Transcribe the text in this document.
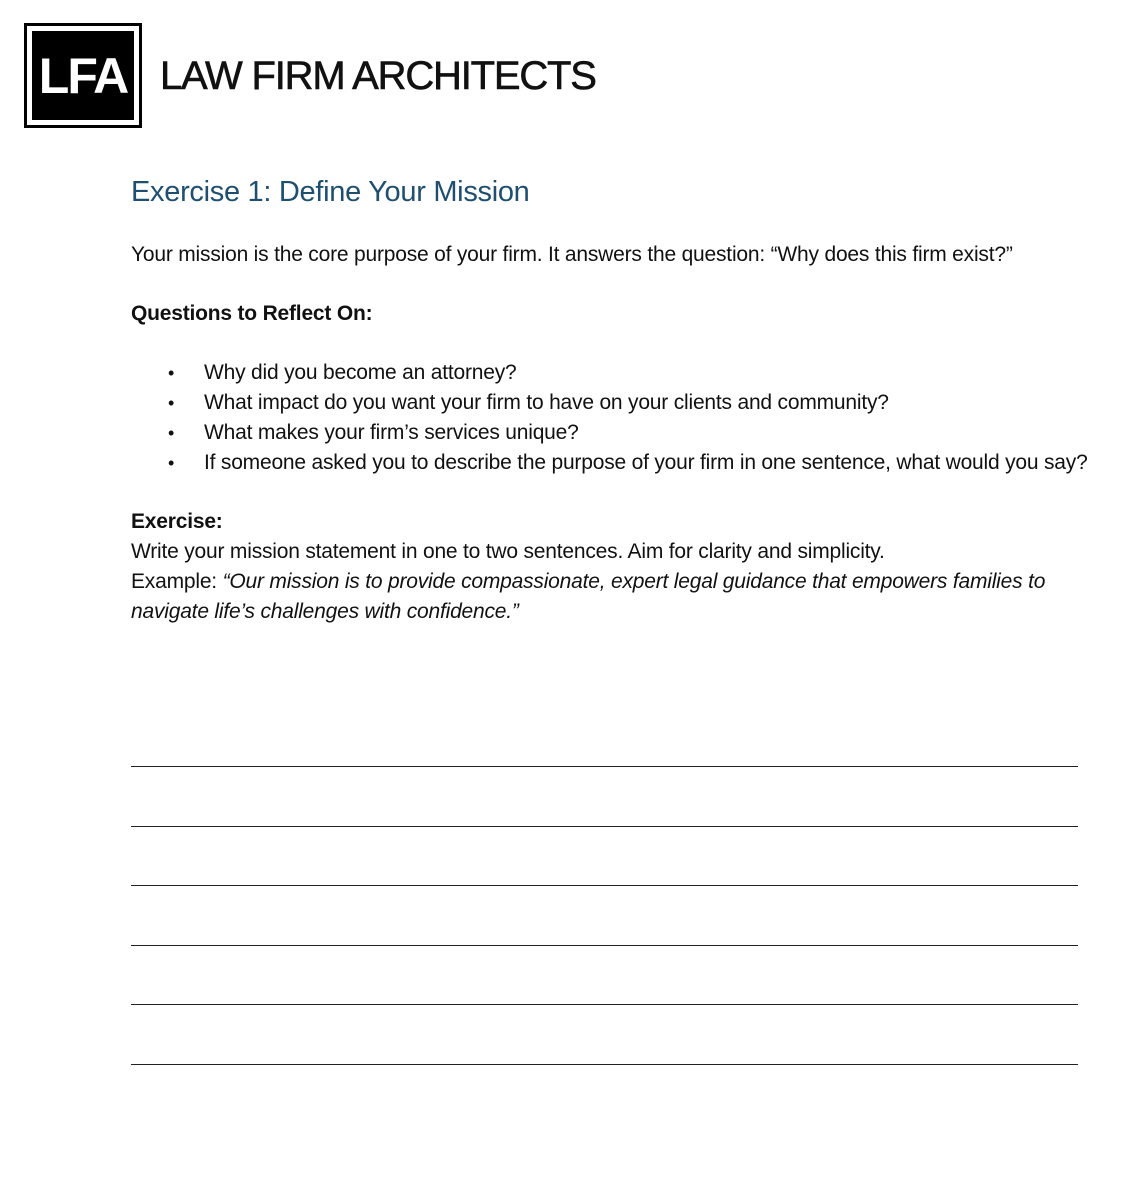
LFA LAW FIRM ARCHITECTS
Exercise 1: Define Your Mission

Your mission is the core purpose of your firm. It answers the question: “Why does this firm exist?”

Questions to Reflect On:

• Why did you become an attorney?
• What impact do you want your firm to have on your clients and community?
• What makes your firm’s services unique?
• If someone asked you to describe the purpose of your firm in one sentence, what would you say?

Exercise:

Write your mission statement in one to two sentences. Aim for clarity and simplicity.

Example: “Our mission is to provide compassionate, expert legal guidance that empowers families to navigate life’s challenges with confidence.”
